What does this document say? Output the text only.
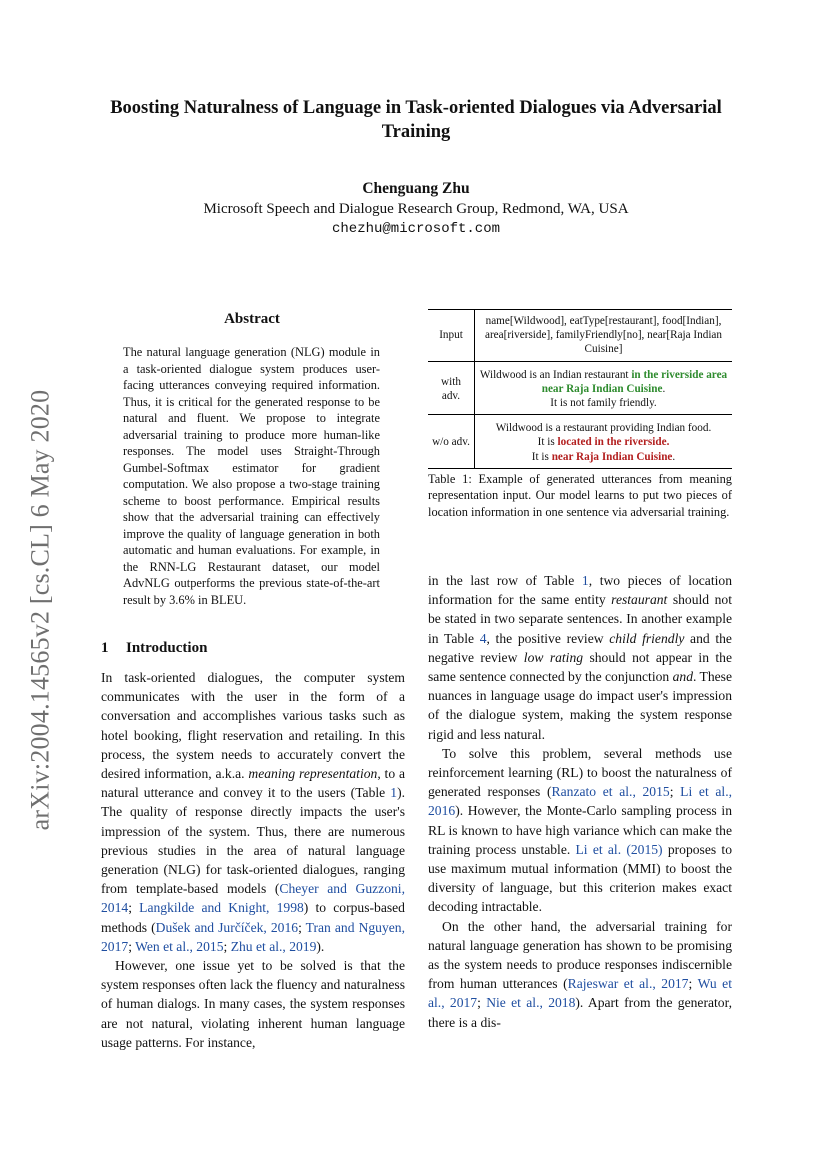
arXiv:2004.14565v2 [cs.CL] 6 May 2020
Boosting Naturalness of Language in Task-oriented Dialogues via Adversarial Training
Chenguang Zhu
Microsoft Speech and Dialogue Research Group, Redmond, WA, USA
chezhu@microsoft.com
Abstract
The natural language generation (NLG) module in a task-oriented dialogue system produces user-facing utterances conveying required information. Thus, it is critical for the generated response to be natural and fluent. We propose to integrate adversarial training to produce more human-like responses. The model uses Straight-Through Gumbel-Softmax estimator for gradient computation. We also propose a two-stage training scheme to boost performance. Empirical results show that the adversarial training can effectively improve the quality of language generation in both automatic and human evaluations. For example, in the RNN-LG Restaurant dataset, our model AdvNLG outperforms the previous state-of-the-art result by 3.6% in BLEU.
1 Introduction

In task-oriented dialogues, the computer system communicates with the user in the form of a conversation and accomplishes various tasks such as hotel booking, flight reservation and retailing. In this process, the system needs to accurately convert the desired information, a.k.a. meaning representation, to a natural utterance and convey it to the users (Table 1). The quality of response directly impacts the user's impression of the system. Thus, there are numerous previous studies in the area of natural language generation (NLG) for task-oriented dialogues, ranging from template-based models (Cheyer and Guzzoni, 2014; Langkilde and Knight, 1998) to corpus-based methods (Dušek and Jurčíček, 2016; Tran and Nguyen, 2017; Wen et al., 2015; Zhu et al., 2019).

However, one issue yet to be solved is that the system responses often lack the fluency and naturalness of human dialogs. In many cases, the system responses are not natural, violating inherent human language usage patterns. For instance,

Input	name[Wildwood], eatType[restaurant], food[Indian], area[riverside], familyFriendly[no], near[Raja Indian Cuisine]
with adv.	Wildwood is an Indian restaurant in the riverside area near Raja Indian Cuisine.
It is not family friendly.
w/o adv.	Wildwood is a restaurant providing Indian food.
It is located in the riverside.
It is near Raja Indian Cuisine.
Table 1: Example of generated utterances from meaning representation input. Our model learns to put two pieces of location information in one sentence via adversarial training.

in the last row of Table 1, two pieces of location information for the same entity restaurant should not be stated in two separate sentences. In another example in Table 4, the positive review child friendly and the negative review low rating should not appear in the same sentence connected by the conjunction and. These nuances in language usage do impact user's impression of the dialogue system, making the system response rigid and less natural.

To solve this problem, several methods use reinforcement learning (RL) to boost the naturalness of generated responses (Ranzato et al., 2015; Li et al., 2016). However, the Monte-Carlo sampling process in RL is known to have high variance which can make the training process unstable. Li et al. (2015) proposes to use maximum mutual information (MMI) to boost the diversity of language, but this criterion makes exact decoding intractable.

On the other hand, the adversarial training for natural language generation has shown to be promising as the system needs to produce responses indiscernible from human utterances (Rajeswar et al., 2017; Wu et al., 2017; Nie et al., 2018). Apart from the generator, there is a dis-
